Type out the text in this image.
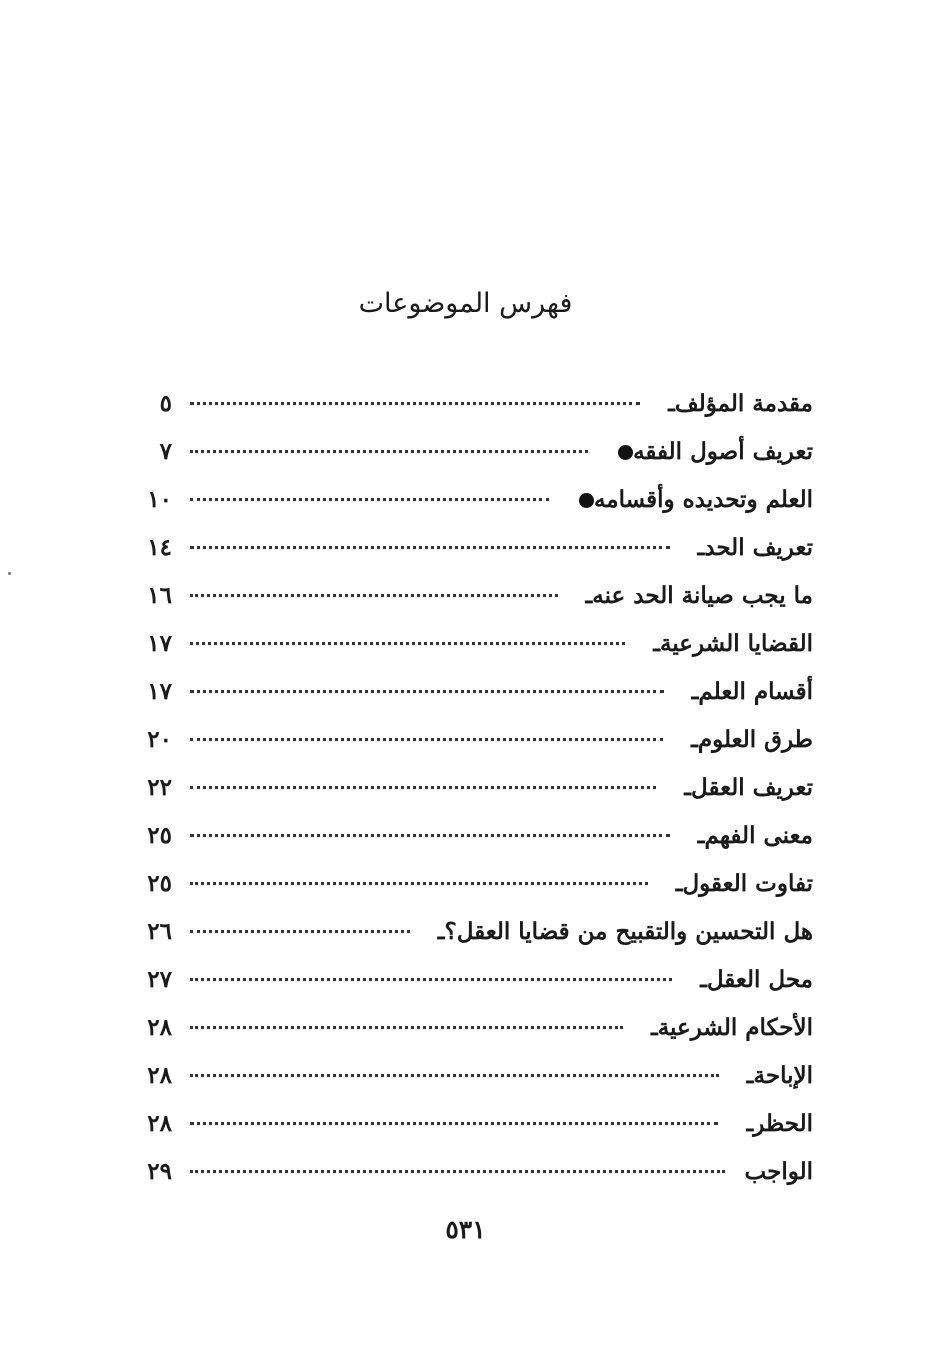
فهرس الموضوعات
ـ مقدمة المؤلف
٥
تعريف أصول الفقه
٧
العلم وتحديده وأقسامه
١٠
ـ تعريف الحد
١٤
ـ ما يجب صيانة الحد عنه
١٦
ـ القضايا الشرعية
١٧
ـ أقسام العلم
١٧
ـ طرق العلوم
٢٠
ـ تعريف العقل
٢٢
ـ معنى الفهم
٢٥
ـ تفاوت العقول
٢٥
ـ هل التحسين والتقبيح من قضايا العقل؟
٢٦
ـ محل العقل
٢٧
ـ الأحكام الشرعية
٢٨
ـ الإباحة
٢٨
ـ الحظر
٢٨
الواجب
٢٩
٥٣١
